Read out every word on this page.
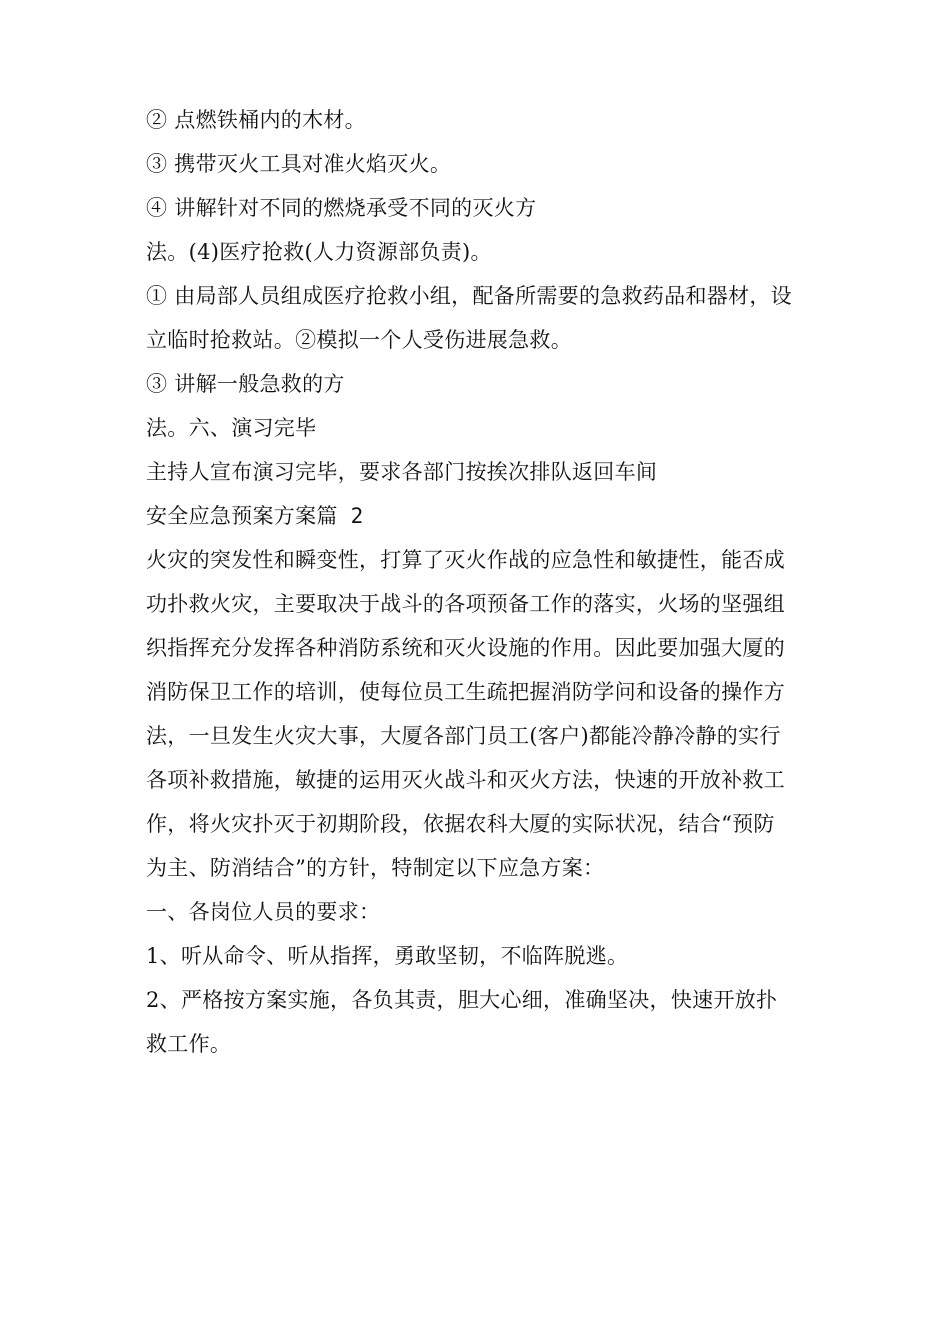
② 点燃铁桶内的木材。
③ 携带灭火工具对准火焰灭火。
④ 讲解针对不同的燃烧承受不同的灭火方
法。(4)医疗抢救(人力资源部负责)。
① 由局部人员组成医疗抢救小组，配备所需要的急救药品和器材，设
立临时抢救站。②模拟一个人受伤进展急救。
③ 讲解一般急救的方
法。六、演习完毕
主持人宣布演习完毕，要求各部门按挨次排队返回车间
安全应急预案方案篇 2
火灾的突发性和瞬变性，打算了灭火作战的应急性和敏捷性，能否成
功扑救火灾，主要取决于战斗的各项预备工作的落实，火场的坚强组
织指挥充分发挥各种消防系统和灭火设施的作用。因此要加强大厦的
消防保卫工作的培训，使每位员工生疏把握消防学问和设备的操作方
法，一旦发生火灾大事，大厦各部门员工(客户)都能冷静冷静的实行
各项补救措施，敏捷的运用灭火战斗和灭火方法，快速的开放补救工
作，将火灾扑灭于初期阶段，依据农科大厦的实际状况，结合“预防
为主、防消结合”的方针，特制定以下应急方案：
一、各岗位人员的要求：
1、听从命令、听从指挥，勇敢坚韧，不临阵脱逃。
2、严格按方案实施，各负其责，胆大心细，准确坚决，快速开放扑
救工作。
